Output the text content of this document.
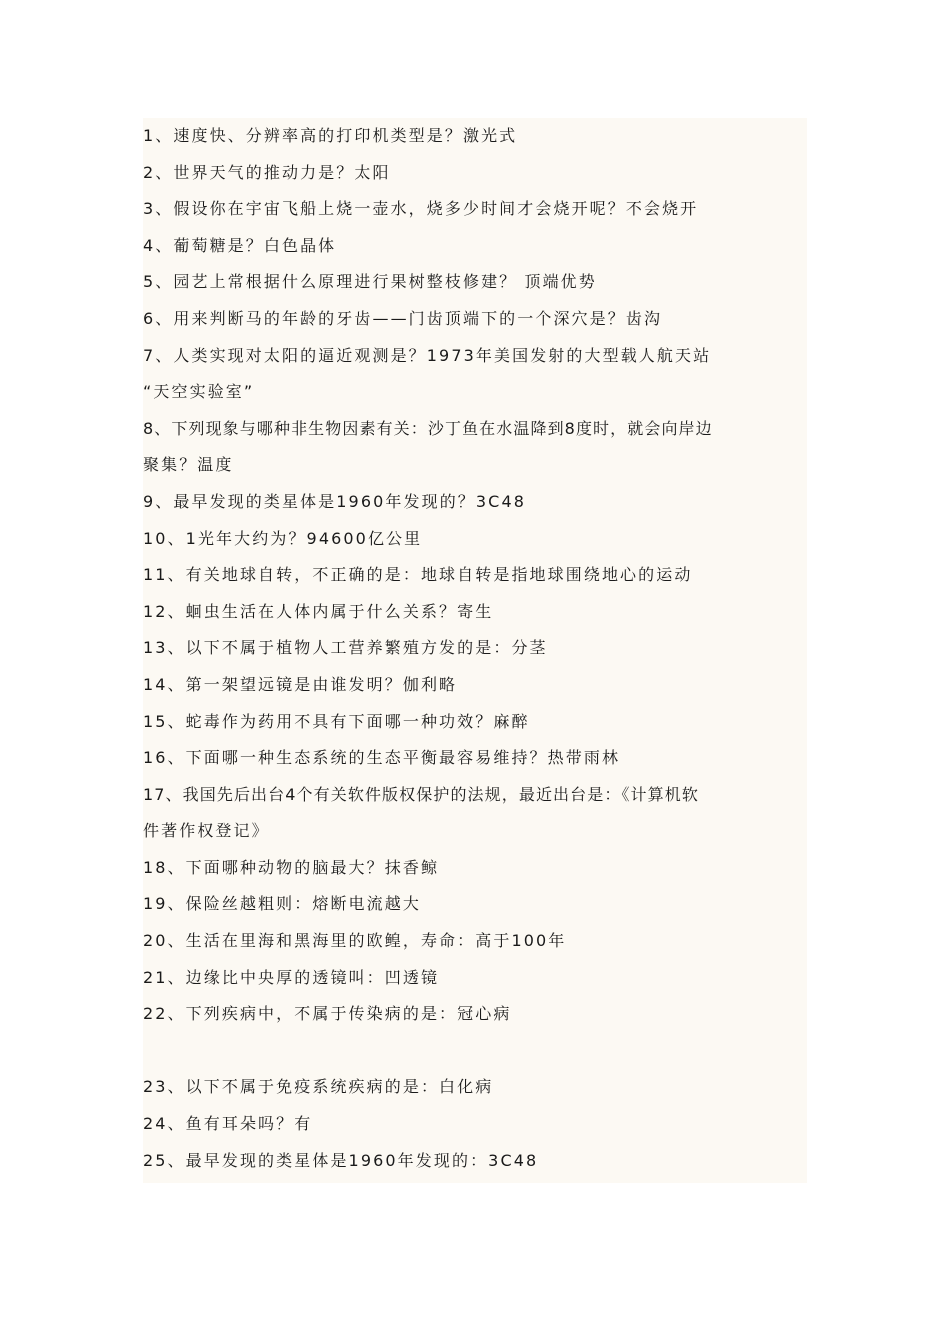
1、速度快、分辨率高的打印机类型是？激光式
2、世界天气的推动力是？太阳
3、假设你在宇宙飞船上烧一壶水，烧多少时间才会烧开呢？不会烧开
4、葡萄糖是？白色晶体
5、园艺上常根据什么原理进行果树整枝修建？ 顶端优势
6、用来判断马的年龄的牙齿——门齿顶端下的一个深穴是？齿沟
7、人类实现对太阳的逼近观测是？1973年美国发射的大型载人航天站
“天空实验室”
8、下列现象与哪种非生物因素有关：沙丁鱼在水温降到8度时，就会向岸边
聚集？温度
9、最早发现的类星体是1960年发现的？3C48
10、1光年大约为？94600亿公里
11、有关地球自转，不正确的是：地球自转是指地球围绕地心的运动
12、蛔虫生活在人体内属于什么关系？寄生
13、以下不属于植物人工营养繁殖方发的是：分茎
14、第一架望远镜是由谁发明？伽利略
15、蛇毒作为药用不具有下面哪一种功效？麻醉
16、下面哪一种生态系统的生态平衡最容易维持？热带雨林
17、我国先后出台4个有关软件版权保护的法规，最近出台是：《计算机软
件著作权登记》
18、下面哪种动物的脑最大？抹香鲸
19、保险丝越粗则：熔断电流越大
20、生活在里海和黑海里的欧鳇，寿命：高于100年
21、边缘比中央厚的透镜叫：凹透镜
22、下列疾病中，不属于传染病的是：冠心病
23、以下不属于免疫系统疾病的是：白化病
24、鱼有耳朵吗？有
25、最早发现的类星体是1960年发现的：3C48
